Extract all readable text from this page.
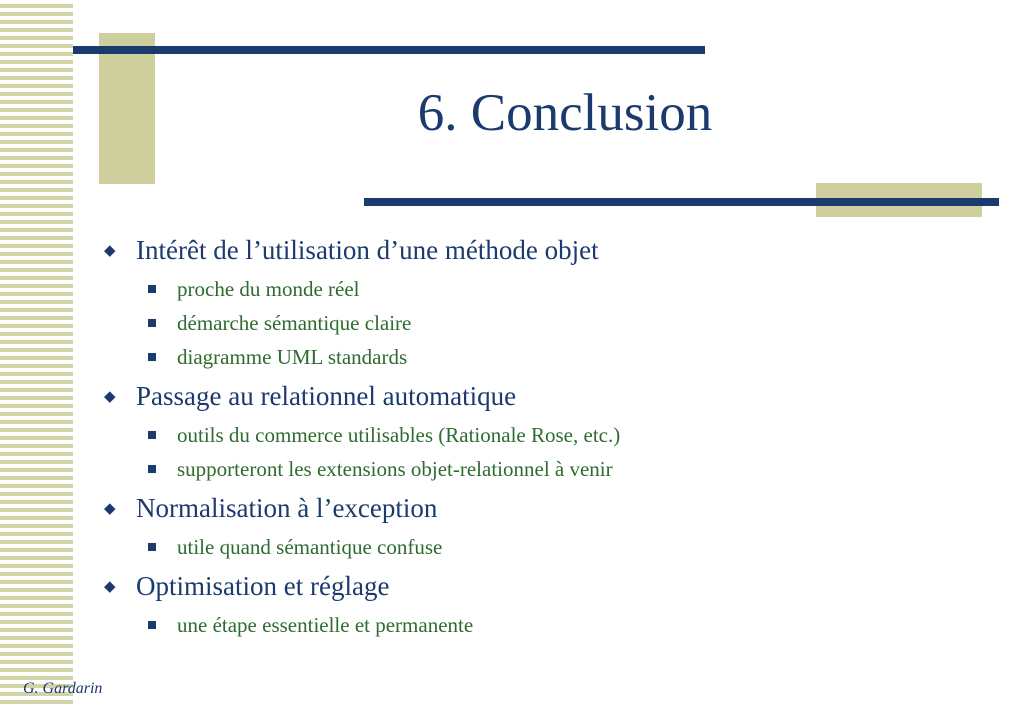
6. Conclusion
◆ Intérêt de l’utilisation d’une méthode objet
proche du monde réel
démarche sémantique claire
diagramme UML standards
◆ Passage au relationnel automatique
outils du commerce utilisables (Rationale Rose, etc.)
supporteront les extensions objet-relationnel à venir
◆ Normalisation à l’exception
utile quand sémantique confuse
◆ Optimisation et réglage
une étape essentielle et permanente
G. Gardarin
